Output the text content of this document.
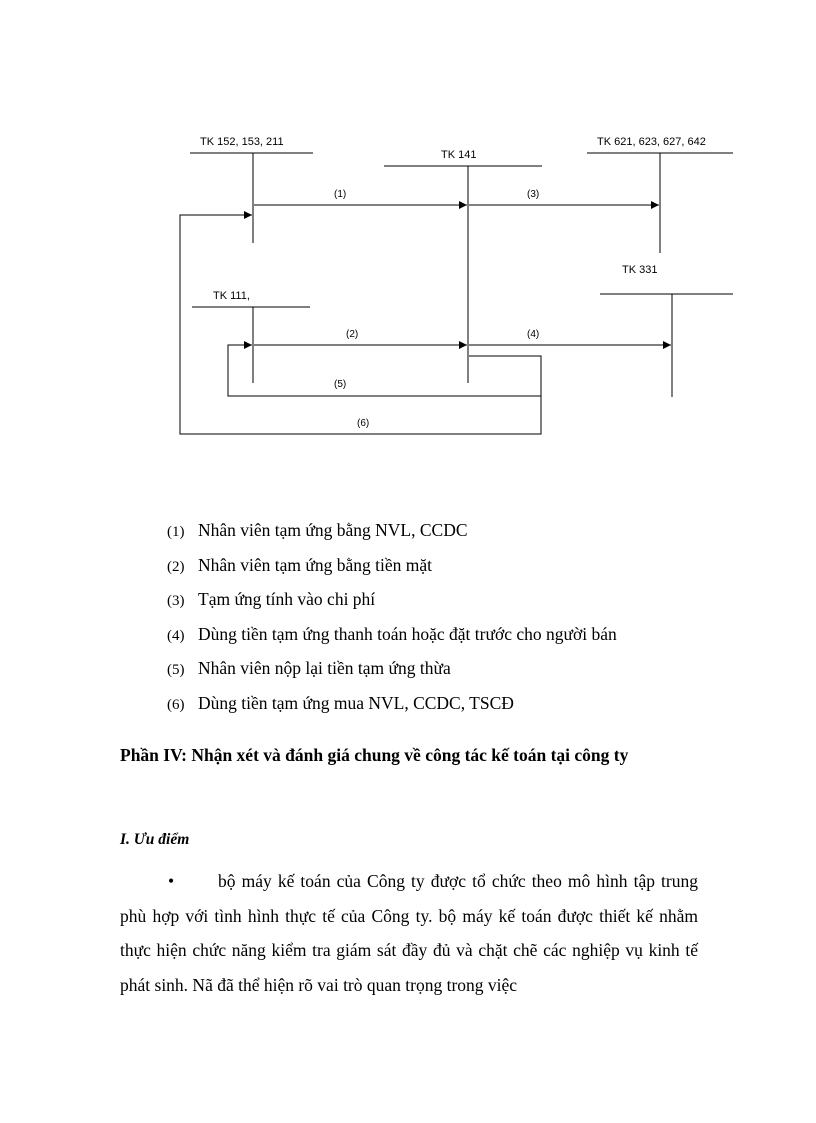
TK 152, 153, 211
TK 141
TK 621, 623, 627, 642
TK 111,
TK 331
(1)
(2)
(3)
(4)
(5)
(6)
(1) Nhân viên tạm ứng bằng NVL, CCDC
(2) Nhân viên tạm ứng bằng tiền mặt
(3) Tạm ứng tính vào chi phí
(4) Dùng tiền tạm ứng thanh toán hoặc đặt trước cho người bán
(5) Nhân viên nộp lại tiền tạm ứng thừa
(6) Dùng tiền tạm ứng mua NVL, CCDC, TSCĐ
Phần IV: Nhận xét và đánh giá chung về công tác kế toán tại công ty
I. Ưu điểm

•	bộ máy kế toán của Công ty được tổ chức theo mô hình tập trung phù hợp với tình hình thực tế của Công ty. bộ máy kế toán được thiết kế nhằm thực hiện chức năng kiểm tra giám sát đầy đủ và chặt chẽ các nghiệp vụ kinh tế phát sinh. Nã đã thể hiện rõ vai trò quan trọng trong việc
